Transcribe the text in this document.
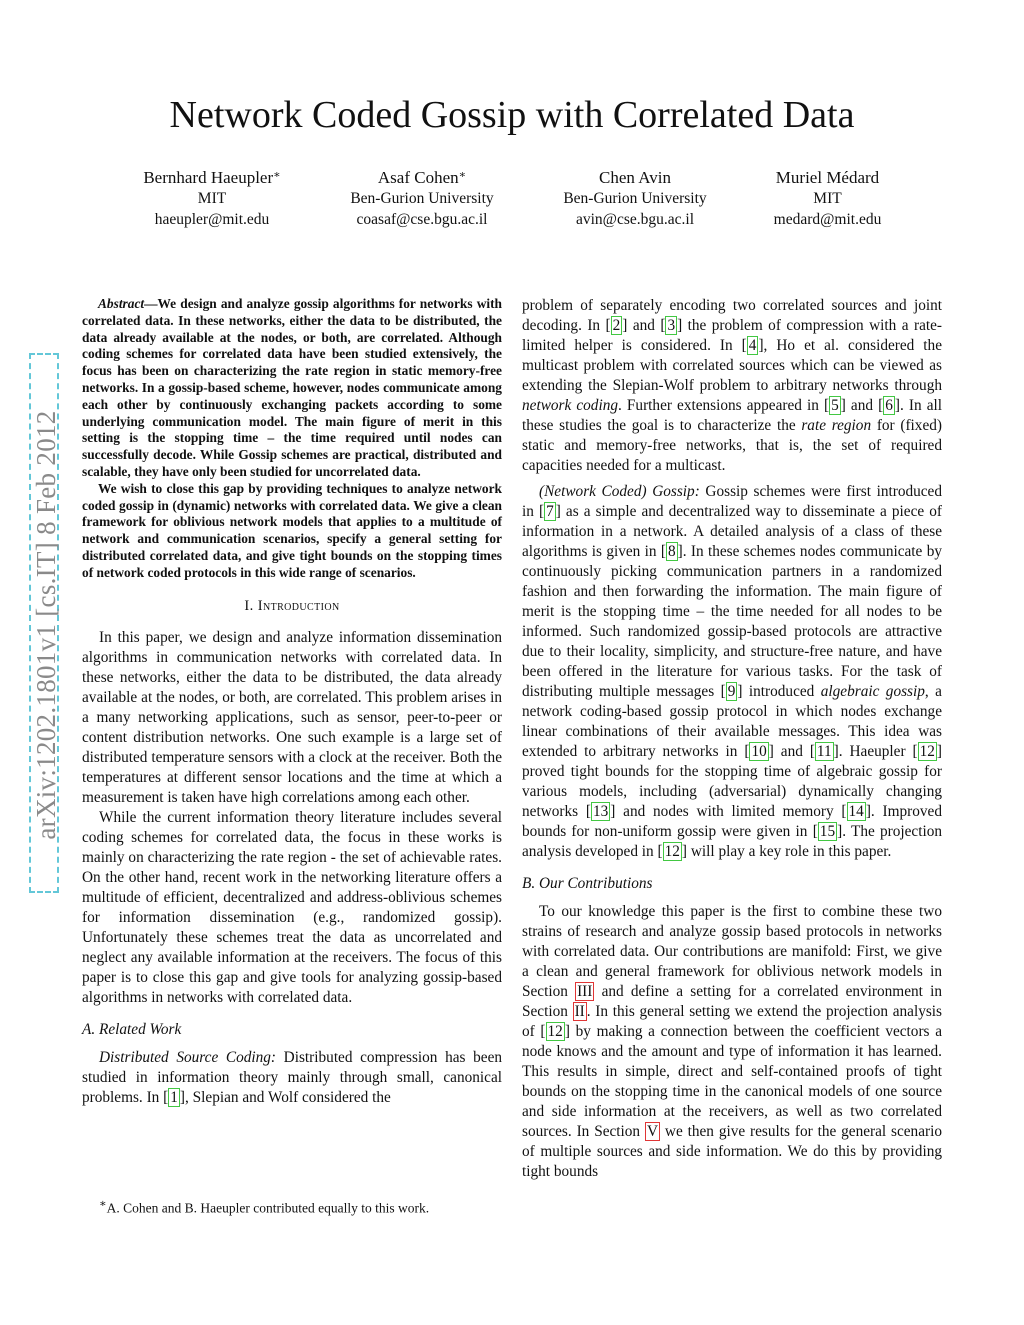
Network Coded Gossip with Correlated Data
Bernhard Haeupler∗
MIT
haeupler@mit.edu
Asaf Cohen∗
Ben-Gurion University
coasaf@cse.bgu.ac.il
Chen Avin
Ben-Gurion University
avin@cse.bgu.ac.il
Muriel Médard
MIT
medard@mit.edu
arXiv:1202.1801v1 [cs.IT] 8 Feb 2012

Abstract—We design and analyze gossip algorithms for networks with correlated data. In these networks, either the data to be distributed, the data already available at the nodes, or both, are correlated. Although coding schemes for correlated data have been studied extensively, the focus has been on characterizing the rate region in static memory-free networks. In a gossip-based scheme, however, nodes communicate among each other by continuously exchanging packets according to some underlying communication model. The main figure of merit in this setting is the stopping time – the time required until nodes can successfully decode. While Gossip schemes are practical, distributed and scalable, they have only been studied for uncorrelated data.

We wish to close this gap by providing techniques to analyze network coded gossip in (dynamic) networks with correlated data. We give a clean framework for oblivious network models that applies to a multitude of network and communication scenarios, specify a general setting for distributed correlated data, and give tight bounds on the stopping times of network coded protocols in this wide range of scenarios.

I. Introduction

In this paper, we design and analyze information dissemination algorithms in communication networks with correlated data. In these networks, either the data to be distributed, the data already available at the nodes, or both, are correlated. This problem arises in a many networking applications, such as sensor, peer-to-peer or content distribution networks. One such example is a large set of distributed temperature sensors with a clock at the receiver. Both the temperatures at different sensor locations and the time at which a measurement is taken have high correlations among each other.

While the current information theory literature includes several coding schemes for correlated data, the focus in these works is mainly on characterizing the rate region - the set of achievable rates. On the other hand, recent work in the networking literature offers a multitude of efficient, decentralized and address-oblivious schemes for information dissemination (e.g., randomized gossip). Unfortunately these schemes treat the data as uncorrelated and neglect any available information at the receivers. The focus of this paper is to close this gap and give tools for analyzing gossip-based algorithms in networks with correlated data.

A. Related Work

Distributed Source Coding: Distributed compression has been studied in information theory mainly through small, canonical problems. In [ 1 ], Slepian and Wolf considered the

∗A. Cohen and B. Haeupler contributed equally to this work.

problem of separately encoding two correlated sources and joint decoding. In [ 2 ] and [ 3 ] the problem of compression with a rate-limited helper is considered. In [ 4 ], Ho et al. considered the multicast problem with correlated sources which can be viewed as extending the Slepian-Wolf problem to arbitrary networks through network coding. Further extensions appeared in [ 5 ] and [ 6 ]. In all these studies the goal is to characterize the rate region for (fixed) static and memory-free networks, that is, the set of required capacities needed for a multicast.

(Network Coded) Gossip: Gossip schemes were first introduced in [ 7 ] as a simple and decentralized way to disseminate a piece of information in a network. A detailed analysis of a class of these algorithms is given in [ 8 ]. In these schemes nodes communicate by continuously picking communication partners in a randomized fashion and then forwarding the information. The main figure of merit is the stopping time – the time needed for all nodes to be informed. Such randomized gossip-based protocols are attractive due to their locality, simplicity, and structure-free nature, and have been offered in the literature for various tasks. For the task of distributing multiple messages [ 9 ] introduced algebraic gossip, a network coding-based gossip protocol in which nodes exchange linear combinations of their available messages. This idea was extended to arbitrary networks in [ 10 ] and [ 11 ]. Haeupler [ 12 ] proved tight bounds for the stopping time of algebraic gossip for various models, including (adversarial) dynamically changing networks [ 13 ] and nodes with limited memory [ 14 ]. Improved bounds for non-uniform gossip were given in [ 15 ]. The projection analysis developed in [ 12 ] will play a key role in this paper.

B. Our Contributions

To our knowledge this paper is the first to combine these two strains of research and analyze gossip based protocols in networks with correlated data. Our contributions are manifold: First, we give a clean and general framework for oblivious network models in Section III and define a setting for a correlated environment in Section II . In this general setting we extend the projection analysis of [ 12 ] by making a connection between the coefficient vectors a node knows and the amount and type of information it has learned. This results in simple, direct and self-contained proofs of tight bounds on the stopping time in the canonical models of one source and side information at the receivers, as well as two correlated sources. In Section V we then give results for the general scenario of multiple sources and side information. We do this by providing tight bounds
